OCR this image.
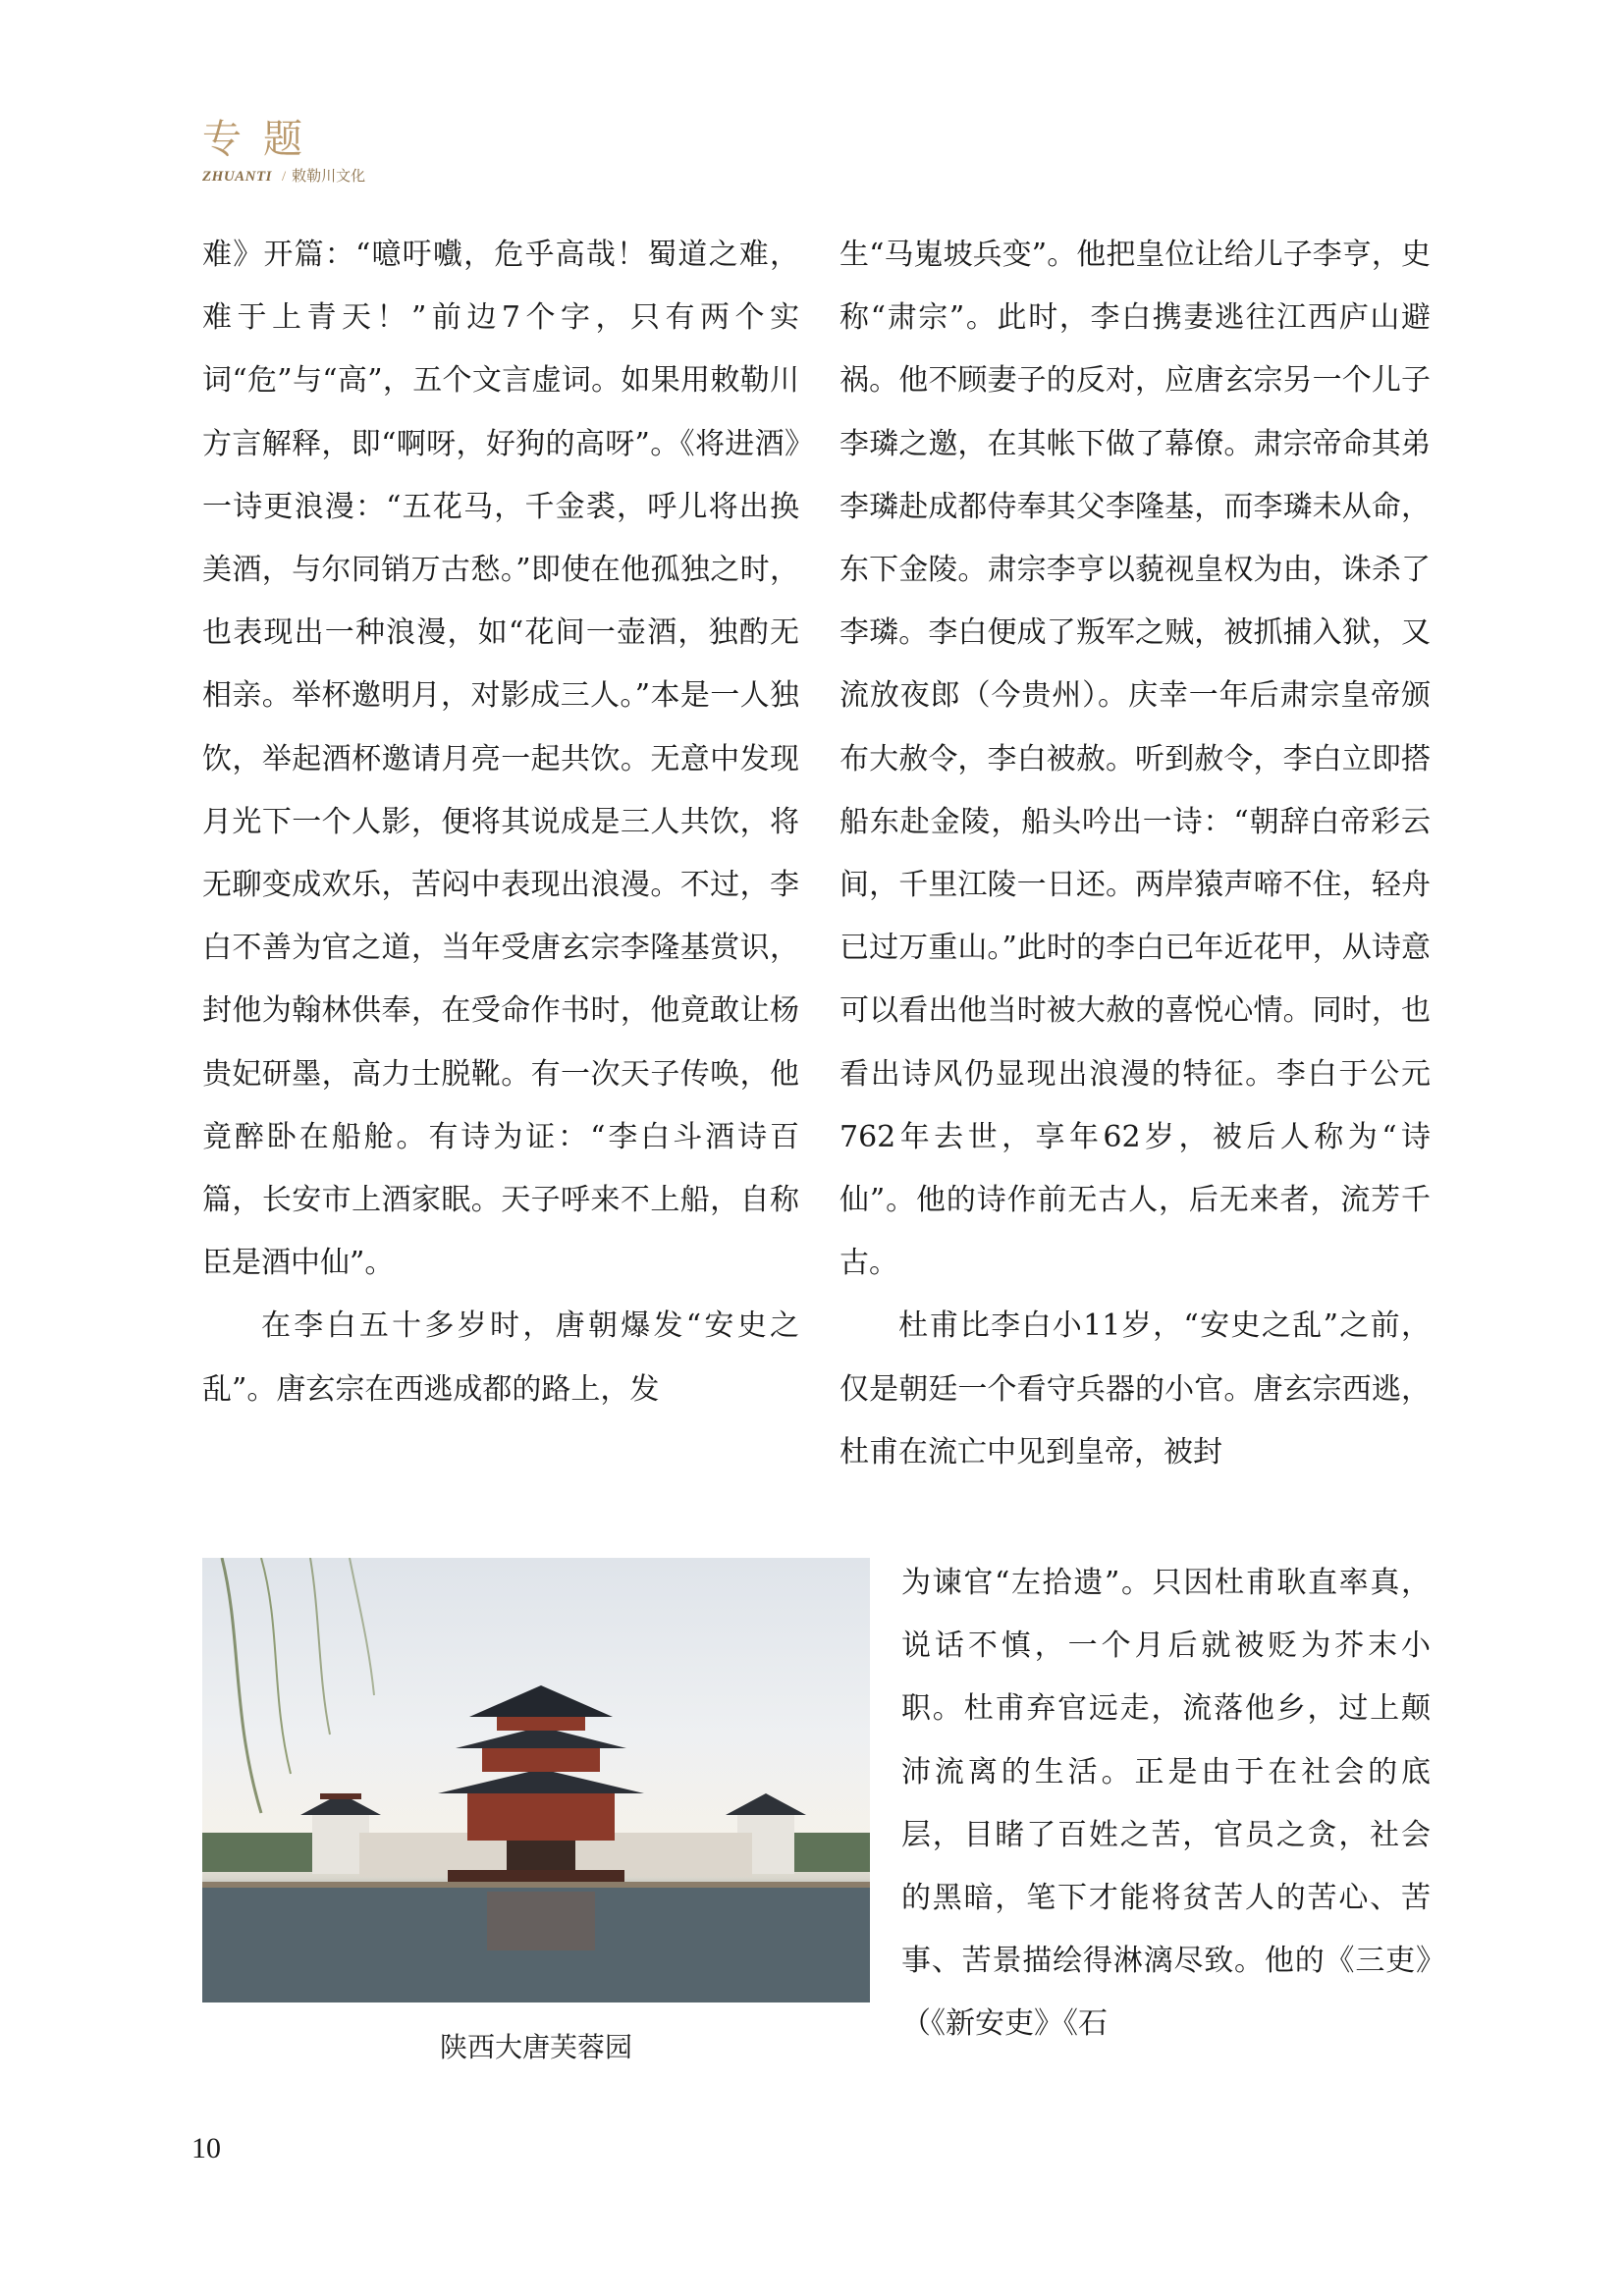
专题
ZHUANTI / 敕勒川文化

难》开篇：“噫吁嚱，危乎高哉！蜀道之难，难于上青天！”前边7个字，只有两个实词“危”与“高”，五个文言虚词。如果用敕勒川方言解释，即“啊呀，好狗的高呀”。《将进酒》一诗更浪漫：“五花马，千金裘，呼儿将出换美酒，与尔同销万古愁。”即使在他孤独之时，也表现出一种浪漫，如“花间一壶酒，独酌无相亲。举杯邀明月，对影成三人。”本是一人独饮，举起酒杯邀请月亮一起共饮。无意中发现月光下一个人影，便将其说成是三人共饮，将无聊变成欢乐，苦闷中表现出浪漫。不过，李白不善为官之道，当年受唐玄宗李隆基赏识，封他为翰林供奉，在受命作书时，他竟敢让杨贵妃研墨，高力士脱靴。有一次天子传唤，他竟醉卧在船舱。有诗为证：“李白斗酒诗百篇，长安市上酒家眠。天子呼来不上船，自称臣是酒中仙”。

在李白五十多岁时，唐朝爆发“安史之乱”。唐玄宗在西逃成都的路上，发

生“马嵬坡兵变”。他把皇位让给儿子李亨，史称“肃宗”。此时，李白携妻逃往江西庐山避祸。他不顾妻子的反对，应唐玄宗另一个儿子李璘之邀，在其帐下做了幕僚。肃宗帝命其弟李璘赴成都侍奉其父李隆基，而李璘未从命，东下金陵。肃宗李亨以藐视皇权为由，诛杀了李璘。李白便成了叛军之贼，被抓捕入狱，又流放夜郎（今贵州）。庆幸一年后肃宗皇帝颁布大赦令，李白被赦。听到赦令，李白立即搭船东赴金陵，船头吟出一诗：“朝辞白帝彩云间，千里江陵一日还。两岸猿声啼不住，轻舟已过万重山。”此时的李白已年近花甲，从诗意可以看出他当时被大赦的喜悦心情。同时，也看出诗风仍显现出浪漫的特征。李白于公元762年去世，享年62岁，被后人称为“诗仙”。他的诗作前无古人，后无来者，流芳千古。

杜甫比李白小11岁，“安史之乱”之前，仅是朝廷一个看守兵器的小官。唐玄宗西逃，杜甫在流亡中见到皇帝，被封

为谏官“左拾遗”。只因杜甫耿直率真，说话不慎，一个月后就被贬为芥末小职。杜甫弃官远走，流落他乡，过上颠沛流离的生活。正是由于在社会的底层，目睹了百姓之苦，官员之贪，社会的黑暗，笔下才能将贫苦人的苦心、苦事、苦景描绘得淋漓尽致。他的《三吏》（《新安吏》《石

陕西大唐芙蓉园
10
